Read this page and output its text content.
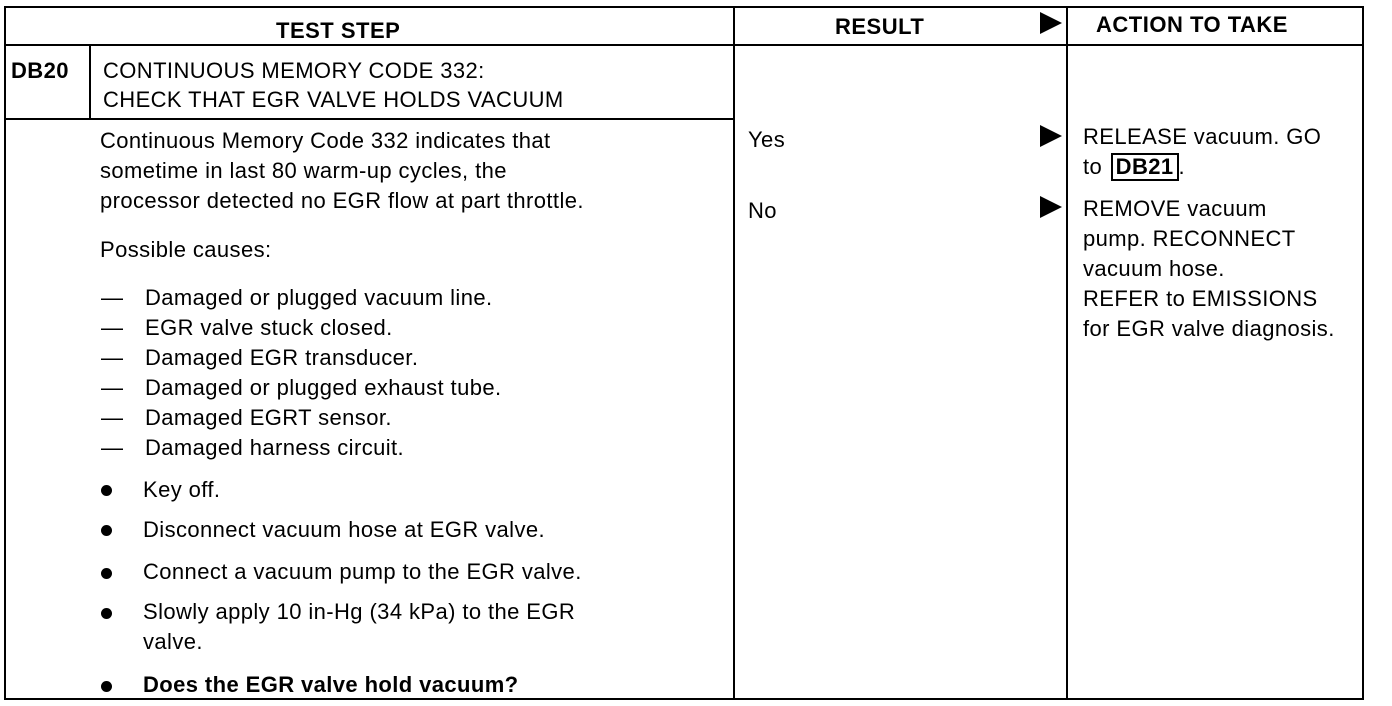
TEST STEP	RESULT	ACTION TO TAKE
DB20 CONTINUOUS MEMORY CODE 332:
CHECK THAT EGR VALVE HOLDS VACUUM
Continuous Memory Code 332 indicates that
sometime in last 80 warm-up cycles, the
processor detected no EGR flow at part throttle.
Possible causes:
— Damaged or plugged vacuum line.
— EGR valve stuck closed.
— Damaged EGR transducer.
— Damaged or plugged exhaust tube.
— Damaged EGRT sensor.
— Damaged harness circuit.
Key off.
Disconnect vacuum hose at EGR valve.
Connect a vacuum pump to the EGR valve.
Slowly apply 10 in-Hg (34 kPa) to the EGR
valve.
Does the EGR valve hold vacuum?
Yes
No
RELEASE vacuum. GO
to DB21 .
REMOVE vacuum
pump. RECONNECT
vacuum hose.
REFER to EMISSIONS
for EGR valve diagnosis.
